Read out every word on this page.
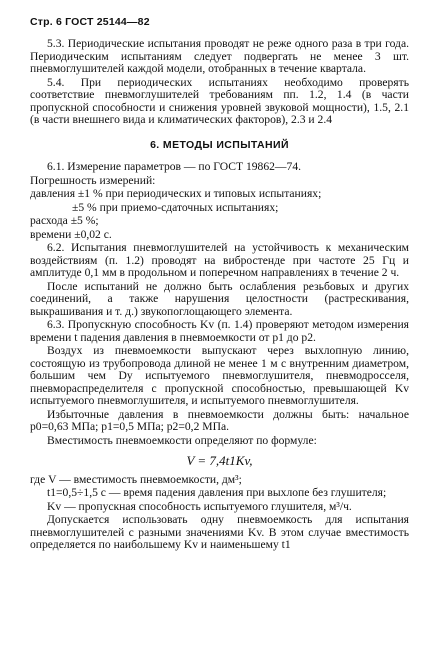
Стр. 6 ГОСТ 25144—82

5.3. Периодические испытания проводят не реже одного раза в три года. Периодическим испытаниям следует подвергать не менее 3 шт. пневмоглушителей каждой модели, отобранных в течение квартала.

5.4. При периодических испытаниях необходимо проверять соответствие пневмоглушителей требованиям пп. 1.2, 1.4 (в части пропускной способности и снижения уровней звуковой мощности), 1.5, 2.1 (в части внешнего вида и климатических факторов), 2.3 и 2.4

6. МЕТОДЫ ИСПЫТАНИЙ

6.1. Измерение параметров — по ГОСТ 19862—74.

Погрешность измерений:

давления ±1 % при периодических и типовых испытаниях;

±5 % при приемо-сдаточных испытаниях;

расхода ±5 %;

времени ±0,02 с.

6.2. Испытания пневмоглушителей на устойчивость к механическим воздействиям (п. 1.2) проводят на вибростенде при частоте 25 Гц и амплитуде 0,1 мм в продольном и поперечном направлениях в течение 2 ч.

После испытаний не должно быть ослабления резьбовых и других соединений, а также нарушения целостности (растрескивания, выкрашивания и т. д.) звукопоглощающего элемента.

6.3. Пропускную способность Kv (п. 1.4) проверяют методом измерения времени t падения давления в пневмоемкости от p1 до p2.

Воздух из пневмоемкости выпускают через выхлопную линию, состоящую из трубопровода длиной не менее 1 м с внутренним диаметром, большим чем Dy испытуемого пневмоглушителя, пневмодросселя, пневмораспределителя с пропускной способностью, превышающей Kv испытуемого пневмоглушителя, и испытуемого пневмоглушителя.

Избыточные давления в пневмоемкости должны быть: начальное p0=0,63 МПа; p1=0,5 МПа; p2=0,2 МПа.

Вместимость пневмоемкости определяют по формуле:

V = 7,4t1Kv,

где V — вместимость пневмоемкости, дм³;

t1=0,5÷1,5 с — время падения давления при выхлопе без глушителя;

Kv — пропускная способность испытуемого глушителя, м³/ч.

Допускается использовать одну пневмоемкость для испытания пневмоглушителей с разными значениями Kv. В этом случае вместимость определяется по наибольшему Kv и наименьшему t1
